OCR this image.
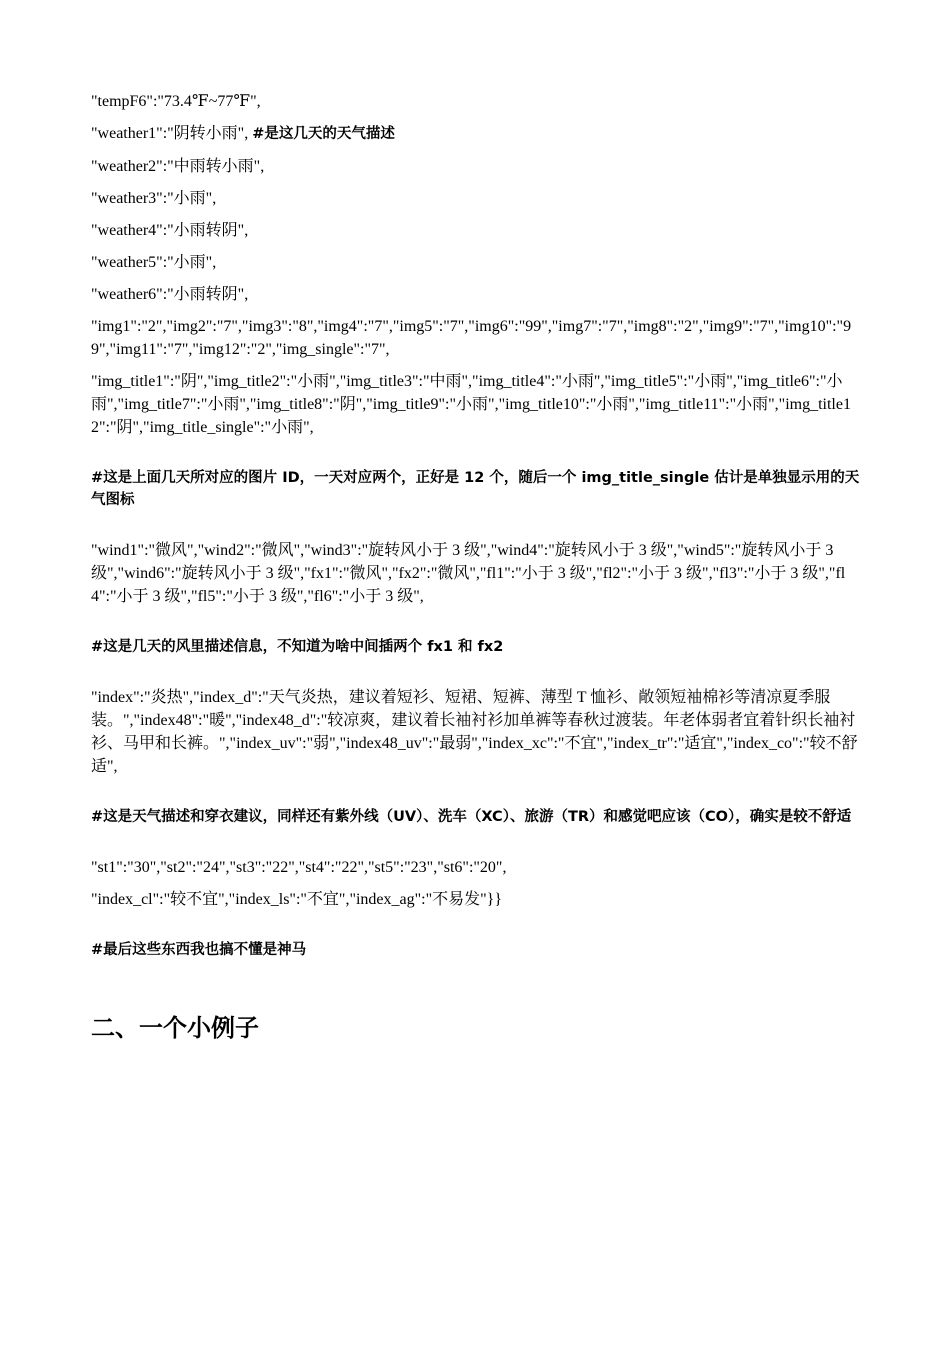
"tempF6":"73.4℉~77℉",

"weather1":"阴转小雨", #是这几天的天气描述

"weather2":"中雨转小雨",

"weather3":"小雨",

"weather4":"小雨转阴",

"weather5":"小雨",

"weather6":"小雨转阴",

"img1":"2","img2":"7","img3":"8","img4":"7","img5":"7","img6":"99","img7":"7","img8":"2","img9":"7","img10":"99","img11":"7","img12":"2","img_single":"7",

"img_title1":"阴","img_title2":"小雨","img_title3":"中雨","img_title4":"小雨","img_title5":"小雨","img_title6":"小雨","img_title7":"小雨","img_title8":"阴","img_title9":"小雨","img_title10":"小雨","img_title11":"小雨","img_title12":"阴","img_title_single":"小雨",

#这是上面几天所对应的图片 ID，一天对应两个，正好是 12 个，随后一个 img_title_single 估计是单独显示用的天气图标

"wind1":"微风","wind2":"微风","wind3":"旋转风小于 3 级","wind4":"旋转风小于 3 级","wind5":"旋转风小于 3 级","wind6":"旋转风小于 3 级","fx1":"微风","fx2":"微风","fl1":"小于 3 级","fl2":"小于 3 级","fl3":"小于 3 级","fl4":"小于 3 级","fl5":"小于 3 级","fl6":"小于 3 级",

#这是几天的风里描述信息，不知道为啥中间插两个 fx1 和 fx2

"index":"炎热","index_d":"天气炎热，建议着短衫、短裙、短裤、薄型 T 恤衫、敞领短袖棉衫等清凉夏季服装。","index48":"暖","index48_d":"较凉爽，建议着长袖衬衫加单裤等春秋过渡装。年老体弱者宜着针织长袖衬衫、马甲和长裤。","index_uv":"弱","index48_uv":"最弱","index_xc":"不宜","index_tr":"适宜","index_co":"较不舒适",

#这是天气描述和穿衣建议，同样还有紫外线（UV）、洗车（XC）、旅游（TR）和感觉吧应该（CO），确实是较不舒适

"st1":"30","st2":"24","st3":"22","st4":"22","st5":"23","st6":"20",

"index_cl":"较不宜","index_ls":"不宜","index_ag":"不易发"}}

#最后这些东西我也搞不懂是神马

二、一个小例子
